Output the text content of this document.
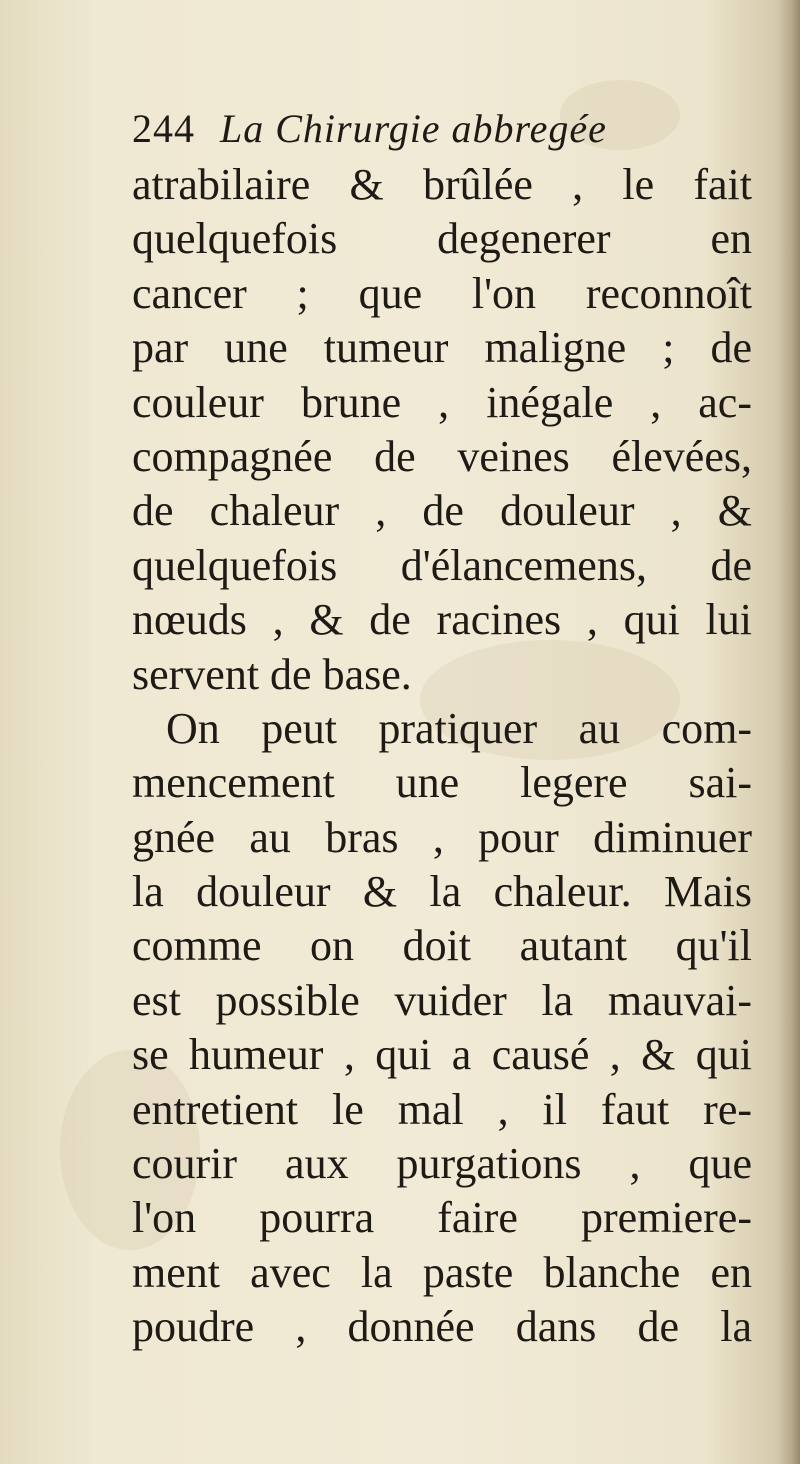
244 La Chirurgie abbregée
atrabilaire & brûlée , le fait
quelquefois degenerer en
cancer ; que l'on reconnoît
par une tumeur maligne ; de
couleur brune , inégale , ac-
compagnée de veines élevées,
de chaleur , de douleur , &
quelquefois d'élancemens, de
nœuds , & de racines , qui lui
servent de base.
On peut pratiquer au com-
mencement une legere sai-
gnée au bras , pour diminuer
la douleur & la chaleur. Mais
comme on doit autant qu'il
est possible vuider la mauvai-
se humeur , qui a causé , & qui
entretient le mal , il faut re-
courir aux purgations , que
l'on pourra faire premiere-
ment avec la paste blanche en
poudre , donnée dans de la
